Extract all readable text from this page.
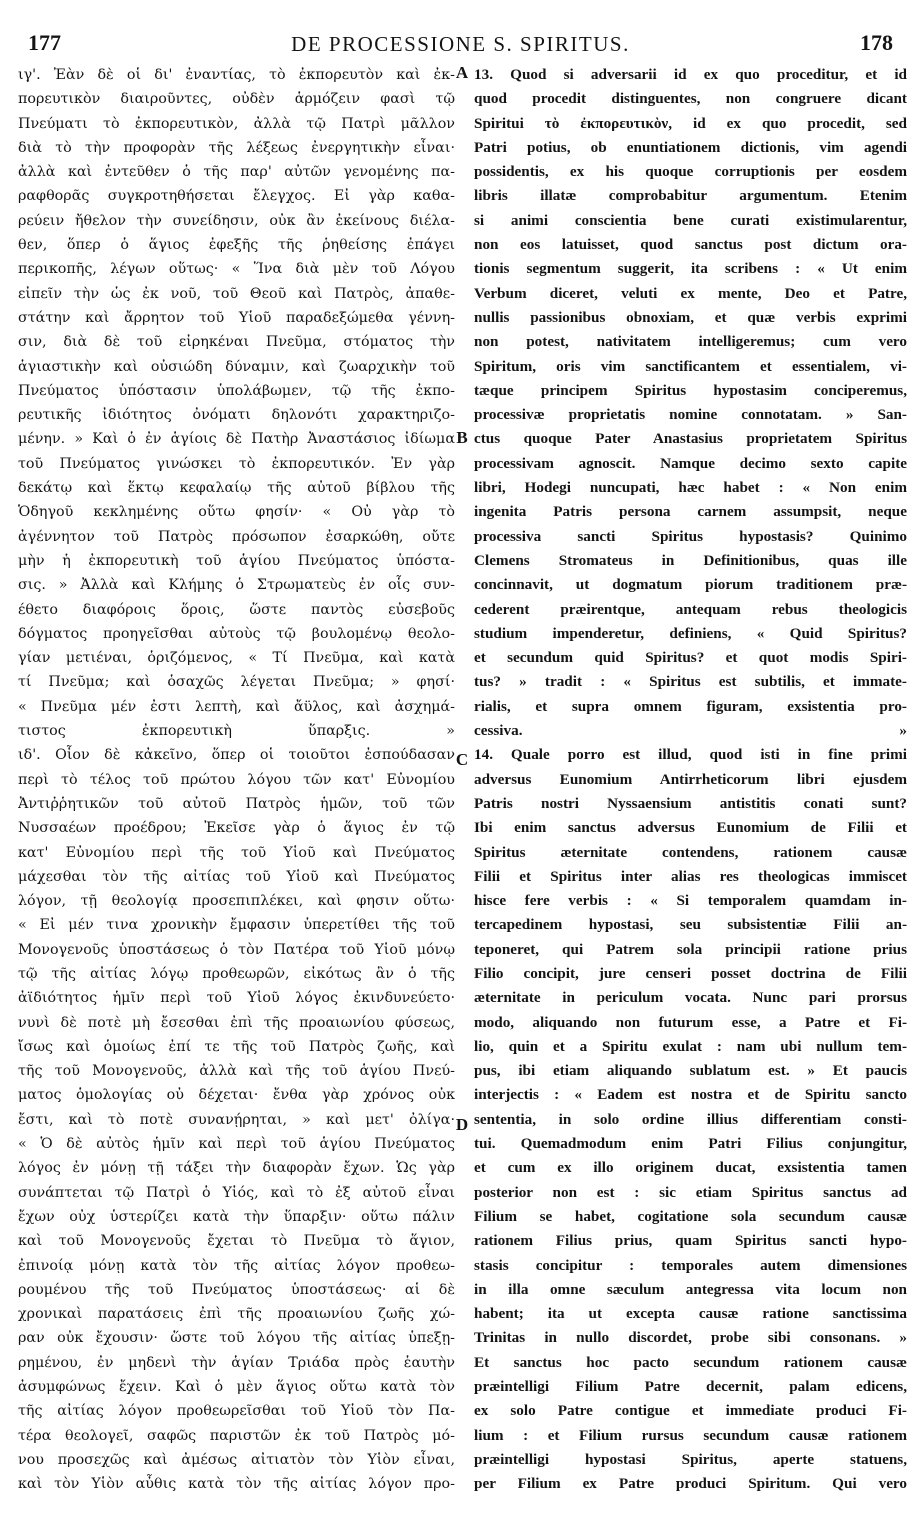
177	DE PROCESSIONE S. SPIRITUS.	178
ιγ'. Ἐὰν δὲ οἱ δι' ἐναντίας, τὸ ἐκπορευτὸν καὶ ἐκ-
πορευτικὸν διαιροῦντες, οὐδὲν ἁρμόζειν φασὶ τῷ
Πνεύματι τὸ ἐκπορευτικὸν, ἀλλὰ τῷ Πατρὶ μᾶλλον
διὰ τὸ τὴν προφορὰν τῆς λέξεως ἐνεργητικὴν εἶναι·
ἀλλὰ καὶ ἐντεῦθεν ὁ τῆς παρ' αὐτῶν γενομένης πα-
ραφθορᾶς συγκροτηθήσεται ἔλεγχος. Εἰ γὰρ καθα-
ρεύειν ἤθελον τὴν συνείδησιν, οὐκ ἂν ἐκείνους διέλα-
θεν, ὅπερ ὁ ἅγιος ἐφεξῆς τῆς ῥηθείσης ἐπάγει
περικοπῆς, λέγων οὕτως· « Ἵνα διὰ μὲν τοῦ Λόγου
εἰπεῖν τὴν ὡς ἐκ νοῦ, τοῦ Θεοῦ καὶ Πατρὸς, ἀπαθε-
στάτην καὶ ἄρρητον τοῦ Υἱοῦ παραδεξώμεθα γέννη-
σιν, διὰ δὲ τοῦ εἰρηκέναι Πνεῦμα, στόματος τὴν
ἁγιαστικὴν καὶ οὐσιώδη δύναμιν, καὶ ζωαρχικὴν τοῦ
Πνεύματος ὑπόστασιν ὑπολάβωμεν, τῷ τῆς ἐκπο-
ρευτικῆς ἰδιότητος ὀνόματι δηλονότι χαρακτηριζο-
μένην. » Καὶ ὁ ἐν ἁγίοις δὲ Πατὴρ Ἀναστάσιος ἰδίωμα
τοῦ Πνεύματος γινώσκει τὸ ἐκπορευτικόν. Ἐν γὰρ
δεκάτῳ καὶ ἕκτῳ κεφαλαίῳ τῆς αὐτοῦ βίβλου τῆς
Ὁδηγοῦ κεκλημένης οὕτω φησίν· « Οὐ γὰρ τὸ
ἀγέννητον τοῦ Πατρὸς πρόσωπον ἐσαρκώθη, οὔτε
μὴν ἡ ἐκπορευτικὴ τοῦ ἁγίου Πνεύματος ὑπόστα-
σις. » Ἀλλὰ καὶ Κλήμης ὁ Στρωματεὺς ἐν οἷς συν-
έθετο διαφόροις ὅροις, ὥστε παντὸς εὐσεβοῦς
δόγματος προηγεῖσθαι αὐτοὺς τῷ βουλομένῳ θεολο-
γίαν μετιέναι, ὁριζόμενος, « Τί Πνεῦμα, καὶ κατὰ
τί Πνεῦμα; καὶ ὁσαχῶς λέγεται Πνεῦμα; » φησί·
« Πνεῦμα μέν ἐστι λεπτὴ, καὶ ἄϋλος, καὶ ἀσχημά-
τιστος ἐκπορευτικὴ ὕπαρξις. »
ιδ'. Οἷον δὲ κἀκεῖνο, ὅπερ οἱ τοιοῦτοι ἐσπούδασαν
περὶ τὸ τέλος τοῦ πρώτου λόγου τῶν κατ' Εὐνομίου
Ἀντιῤῥητικῶν τοῦ αὐτοῦ Πατρὸς ἡμῶν, τοῦ τῶν
Νυσσαέων προέδρου; Ἐκεῖσε γὰρ ὁ ἅγιος ἐν τῷ
κατ' Εὐνομίου περὶ τῆς τοῦ Υἱοῦ καὶ Πνεύματος
μάχεσθαι τὸν τῆς αἰτίας τοῦ Υἱοῦ καὶ Πνεύματος
λόγον, τῇ θεολογίᾳ προσεπιπλέκει, καὶ φησιν οὕτω·
« Εἰ μέν τινα χρονικὴν ἔμφασιν ὑπερετίθει τῆς τοῦ
Μονογενοῦς ὑποστάσεως ὁ τὸν Πατέρα τοῦ Υἱοῦ μόνῳ
τῷ τῆς αἰτίας λόγῳ προθεωρῶν, εἰκότως ἂν ὁ τῆς
ἀϊδιότητος ἡμῖν περὶ τοῦ Υἱοῦ λόγος ἐκινδυνεύετο·
νυνὶ δὲ ποτὲ μὴ ἔσεσθαι ἐπὶ τῆς προαιωνίου φύσεως,
ἴσως καὶ ὁμοίως ἐπί τε τῆς τοῦ Πατρὸς ζωῆς, καὶ
τῆς τοῦ Μονογενοῦς, ἀλλὰ καὶ τῆς τοῦ ἁγίου Πνεύ-
ματος ὁμολογίας οὐ δέχεται· ἔνθα γὰρ χρόνος οὐκ
ἔστι, καὶ τὸ ποτὲ συνανῄρηται, » καὶ μετ' ὀλίγα·
« Ὁ δὲ αὐτὸς ἡμῖν καὶ περὶ τοῦ ἁγίου Πνεύματος
λόγος ἐν μόνῃ τῇ τάξει τὴν διαφορὰν ἔχων. Ὡς γὰρ
συνάπτεται τῷ Πατρὶ ὁ Υἱός, καὶ τὸ ἐξ αὐτοῦ εἶναι
ἔχων οὐχ ὑστερίζει κατὰ τὴν ὕπαρξιν· οὕτω πάλιν
καὶ τοῦ Μονογενοῦς ἔχεται τὸ Πνεῦμα τὸ ἅγιον,
ἐπινοίᾳ μόνῃ κατὰ τὸν τῆς αἰτίας λόγον προθεω-
ρουμένου τῆς τοῦ Πνεύματος ὑποστάσεως· αἱ δὲ
χρονικαὶ παρατάσεις ἐπὶ τῆς προαιωνίου ζωῆς χώ-
ραν οὐκ ἔχουσιν· ὥστε τοῦ λόγου τῆς αἰτίας ὑπεξῃ-
ρημένου, ἐν μηδενὶ τὴν ἁγίαν Τριάδα πρὸς ἑαυτὴν
ἀσυμφώνως ἔχειν. Καὶ ὁ μὲν ἅγιος οὕτω κατὰ τὸν
τῆς αἰτίας λόγον προθεωρεῖσθαι τοῦ Υἱοῦ τὸν Πα-
τέρα θεολογεῖ, σαφῶς παριστῶν ἐκ τοῦ Πατρὸς μό-
νου προσεχῶς καὶ ἀμέσως αἰτιατὸν τὸν Υἱὸν εἶναι,
καὶ τὸν Υἱὸν αὖθις κατὰ τὸν τῆς αἰτίας λόγον προ-
13. Quod si adversarii id ex quo proceditur, et id
quod procedit distinguentes, non congruere dicant
Spiritui τὸ ἐκπορευτικὸν, id ex quo procedit, sed
Patri potius, ob enuntiationem dictionis, vim agendi
possidentis, ex his quoque corruptionis per eosdem
libris illatæ comprobabitur argumentum. Etenim
si animi conscientia bene curati existimularentur,
non eos latuisset, quod sanctus post dictum ora-
tionis segmentum suggerit, ita scribens : « Ut enim
Verbum diceret, veluti ex mente, Deo et Patre,
nullis passionibus obnoxiam, et quæ verbis exprimi
non potest, nativitatem intelligeremus; cum vero
Spiritum, oris vim sanctificantem et essentialem, vi-
tæque principem Spiritus hypostasim conciperemus,
processivæ proprietatis nomine connotatam. » San-
ctus quoque Pater Anastasius proprietatem Spiritus
processivam agnoscit. Namque decimo sexto capite
libri, Hodegi nuncupati, hæc habet : « Non enim
ingenita Patris persona carnem assumpsit, neque
processiva sancti Spiritus hypostasis? Quinimo
Clemens Stromateus in Definitionibus, quas ille
concinnavit, ut dogmatum piorum traditionem præ-
cederent præirentque, antequam rebus theologicis
studium impenderetur, definiens, « Quid Spiritus?
et secundum quid Spiritus? et quot modis Spiri-
tus? » tradit : « Spiritus est subtilis, et immate-
rialis, et supra omnem figuram, exsistentia pro-
cessiva. »
14. Quale porro est illud, quod isti in fine primi
adversus Eunomium Antirrheticorum libri ejusdem
Patris nostri Nyssaensium antistitis conati sunt?
Ibi enim sanctus adversus Eunomium de Filii et
Spiritus æternitate contendens, rationem causæ
Filii et Spiritus inter alias res theologicas immiscet
hisce fere verbis : « Si temporalem quamdam in-
tercapedinem hypostasi, seu subsistentiæ Filii an-
teponeret, qui Patrem sola principii ratione prius
Filio concipit, jure censeri posset doctrina de Filii
æternitate in periculum vocata. Nunc pari prorsus
modo, aliquando non futurum esse, a Patre et Fi-
lio, quin et a Spiritu exulat : nam ubi nullum tem-
pus, ibi etiam aliquando sublatum est. » Et paucis
interjectis : « Eadem est nostra et de Spiritu sancto
sententia, in solo ordine illius differentiam consti-
tui. Quemadmodum enim Patri Filius conjungitur,
et cum ex illo originem ducat, exsistentia tamen
posterior non est : sic etiam Spiritus sanctus ad
Filium se habet, cogitatione sola secundum causæ
rationem Filius prius, quam Spiritus sancti hypo-
stasis concipitur : temporales autem dimensiones
in illa omne sæculum antegressa vita locum non
habent; ita ut excepta causæ ratione sanctissima
Trinitas in nullo discordet, probe sibi consonans. »
Et sanctus hoc pacto secundum rationem causæ
præintelligi Filium Patre decernit, palam edicens,
ex solo Patre contigue et immediate produci Fi-
lium : et Filium rursus secundum causæ rationem
præintelligi hypostasi Spiritus, aperte statuens,
per Filium ex Patre produci Spiritum. Qui vero
A
B
C
D
